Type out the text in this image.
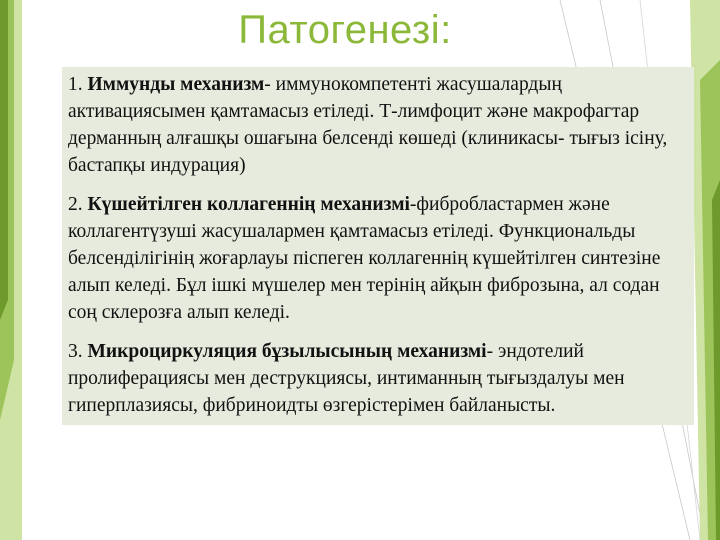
Патогенезі:
1. Иммунды механизм- иммунокомпетенті жасушалардың активациясымен қамтамасыз етіледі. Т-лимфоцит және макрофагтар дерманның алғашқы ошағына белсенді көшеді (клиникасы- тығыз ісіну, бастапқы индурация)
2. Күшейтілген коллагеннің механизмі-фибробластармен және коллагентүзуші жасушалармен қамтамасыз етіледі. Функциональды белсенділігінің жоғарлауы піспеген коллагеннің күшейтілген синтезіне алып келеді. Бұл ішкі мүшелер мен терінің айқын фиброзына, ал содан соң склерозға алып келеді.
3. Микроциркуляция бұзылысының механизмі- эндотелий пролиферациясы мен деструкциясы, интиманның тығыздалуы мен гиперплазиясы, фибриноидты өзгерістерімен байланысты.
